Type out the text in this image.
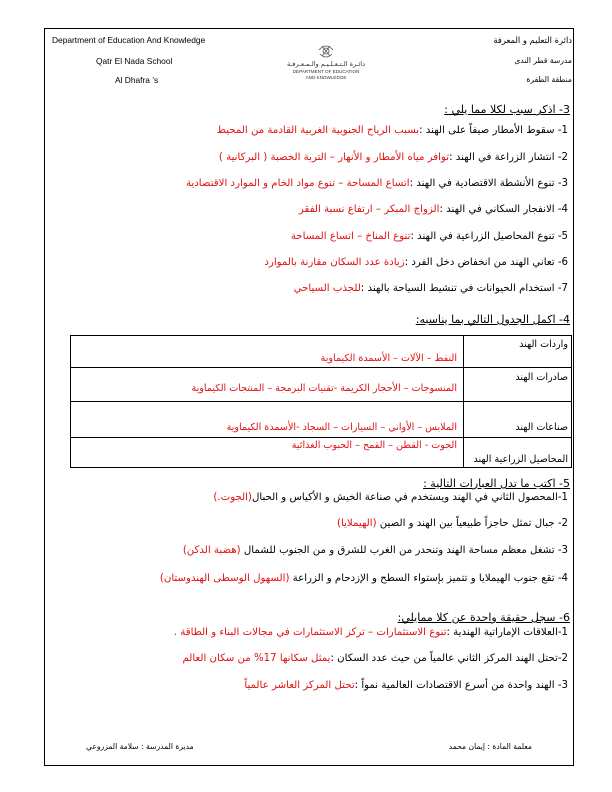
Department of Education And Knowledge
Qatr El Nada School
Al Dhafra ’s
دائـرة الـتـعـلـيـم والـمـعـرفـة
DEPARTMENT OF EDUCATION
AND KNOWLEDGE
دائرة التعليم و المعرفة
مدرسة قطر الندى
منطقة الظفرة
3- اذكر سبب لكلا مما يلي :
1- سقوط الأمطار صيفاً على الهند :بسبب الرياح الجنوبية الغربية القادمة من المحيط
2- انتشار الزراعة في الهند :توافر مياه الأمطار و الأنهار – التربة الخصبة ( البركانية )
3- تنوع الأنشطة الاقتصادية في الهند :اتساع المساحة – تنوع مواد الخام و الموارد الاقتصادية
4- الانفجار السكاني في الهند :الزواج المبكر – ارتفاع نسبة الفقر
5- تنوع المحاصيل الزراعية في الهند :تنوع المناخ – اتساع المساحة
6- تعاني الهند من انخفاض دخل الفرد :زيادة عدد السكان مقارنة بالموارد
7- استخدام الحيوانات في تنشيط السياحة بالهند :للجذب السياحي
4- اكمل الجدول التالي بما يناسبه:
واردات الهند	النفط – الآلات – الأسمدة الكيماوية
صادرات الهند	المنسوجات – الأحجار الكريمة -تقنيات البرمجة – المنتجات الكيماوية
صناعات الهند	الملابس – الأواني – السيارات – السجاد -الأسمدة الكيماوية
المحاصيل الزراعية الهند	الجوت - القطن – القمح – الحبوب الغذائية
5- اكتب ما تدل العبارات التالية :
1-المحصول الثاني في الهند ويستخدم في صناعة الخيش و الأكياس و الحبال(الجوت.)
2- جبال تمثل حاجزاً طبيعياً بين الهند و الصين (الهيملايا)
3- تشغل معظم مساحة الهند وتنحدر من الغرب للشرق و من الجنوب للشمال (هضبة الدكن)
4- تقع جنوب الهيملايا و تتميز بإستواء السطح و الإزدحام و الزراعة (السهول الوسطى الهندوستان)
6- سجل حقيقة واحدة عن كلا ممايلي:
1-العلاقات الإماراتية الهندية :تنوع الاستثمارات – تركز الاستثمارات في مجالات البناء و الطاقة .
2-تحتل الهند المركز الثاني عالمياً من حيث عدد السكان :يمثل سكانها 17% من سكان العالم
3- الهند واحدة من أسرع الاقتصادات العالمية نمواً :تحتل المركز العاشر عالمياً
معلمة المادة : إيمان محمد
مديرة المدرسة : سلامة المزروعي
